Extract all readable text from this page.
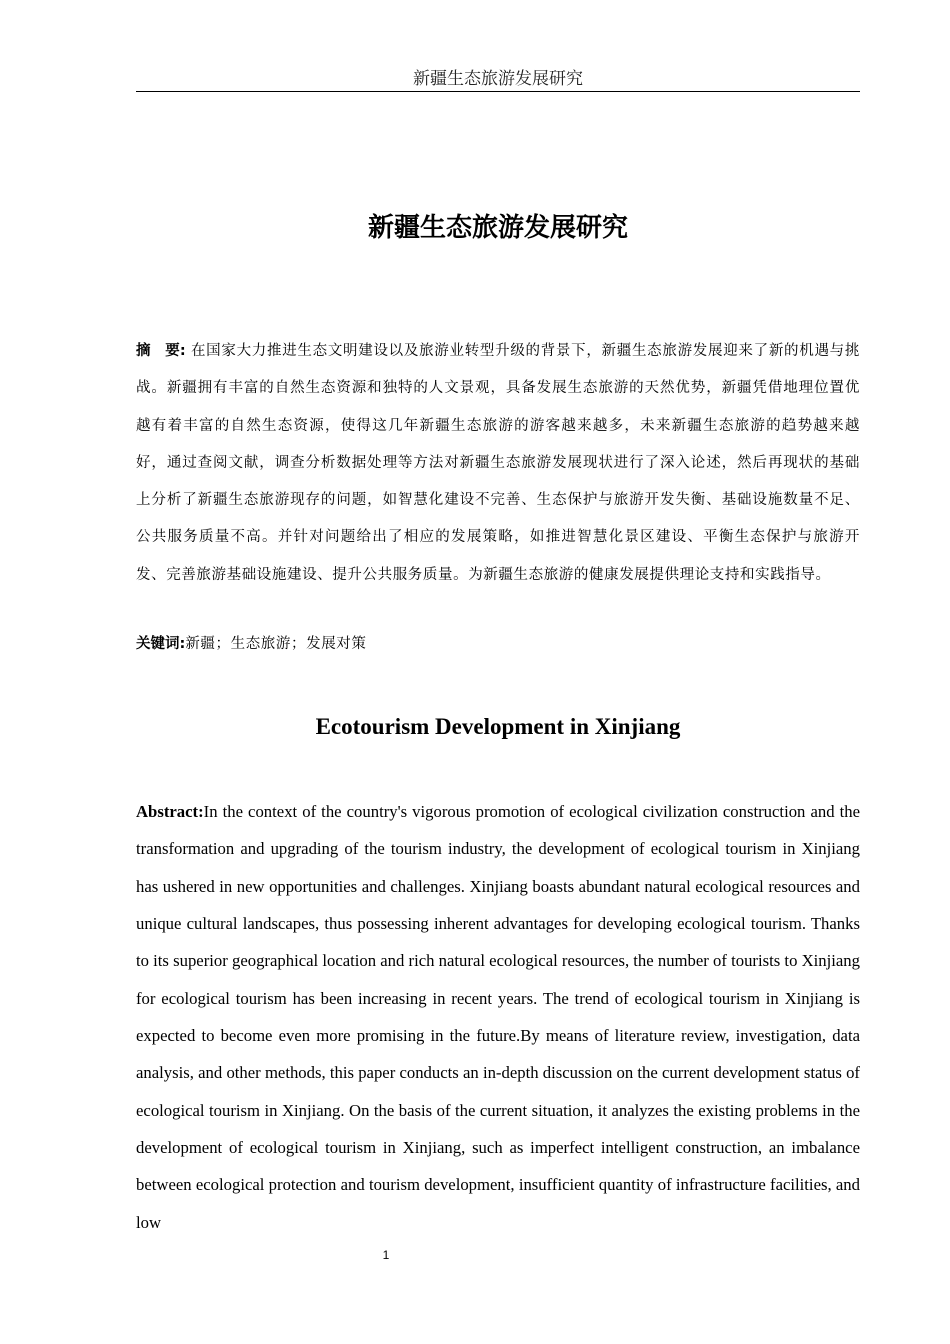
新疆生态旅游发展研究
新疆生态旅游发展研究
摘　要: 在国家大力推进生态文明建设以及旅游业转型升级的背景下，新疆生态旅游发展迎来了新的机遇与挑战。新疆拥有丰富的自然生态资源和独特的人文景观，具备发展生态旅游的天然优势，新疆凭借地理位置优越有着丰富的自然生态资源，使得这几年新疆生态旅游的游客越来越多，未来新疆生态旅游的趋势越来越好，通过查阅文献，调查分析数据处理等方法对新疆生态旅游发展现状进行了深入论述，然后再现状的基础上分析了新疆生态旅游现存的问题，如智慧化建设不完善、生态保护与旅游开发失衡、基础设施数量不足、公共服务质量不高。并针对问题给出了相应的发展策略，如推进智慧化景区建设、平衡生态保护与旅游开发、完善旅游基础设施建设、提升公共服务质量。为新疆生态旅游的健康发展提供理论支持和实践指导。
关键词:新疆；生态旅游；发展对策
Ecotourism Development in Xinjiang
Abstract:In the context of the country's vigorous promotion of ecological civilization construction and the transformation and upgrading of the tourism industry, the development of ecological tourism in Xinjiang has ushered in new opportunities and challenges. Xinjiang boasts abundant natural ecological resources and unique cultural landscapes, thus possessing inherent advantages for developing ecological tourism. Thanks to its superior geographical location and rich natural ecological resources, the number of tourists to Xinjiang for ecological tourism has been increasing in recent years. The trend of ecological tourism in Xinjiang is expected to become even more promising in the future.By means of literature review, investigation, data analysis, and other methods, this paper conducts an in-depth discussion on the current development status of ecological tourism in Xinjiang. On the basis of the current situation, it analyzes the existing problems in the development of ecological tourism in Xinjiang, such as imperfect intelligent construction, an imbalance between ecological protection and tourism development, insufficient quantity of infrastructure facilities, and low
1
